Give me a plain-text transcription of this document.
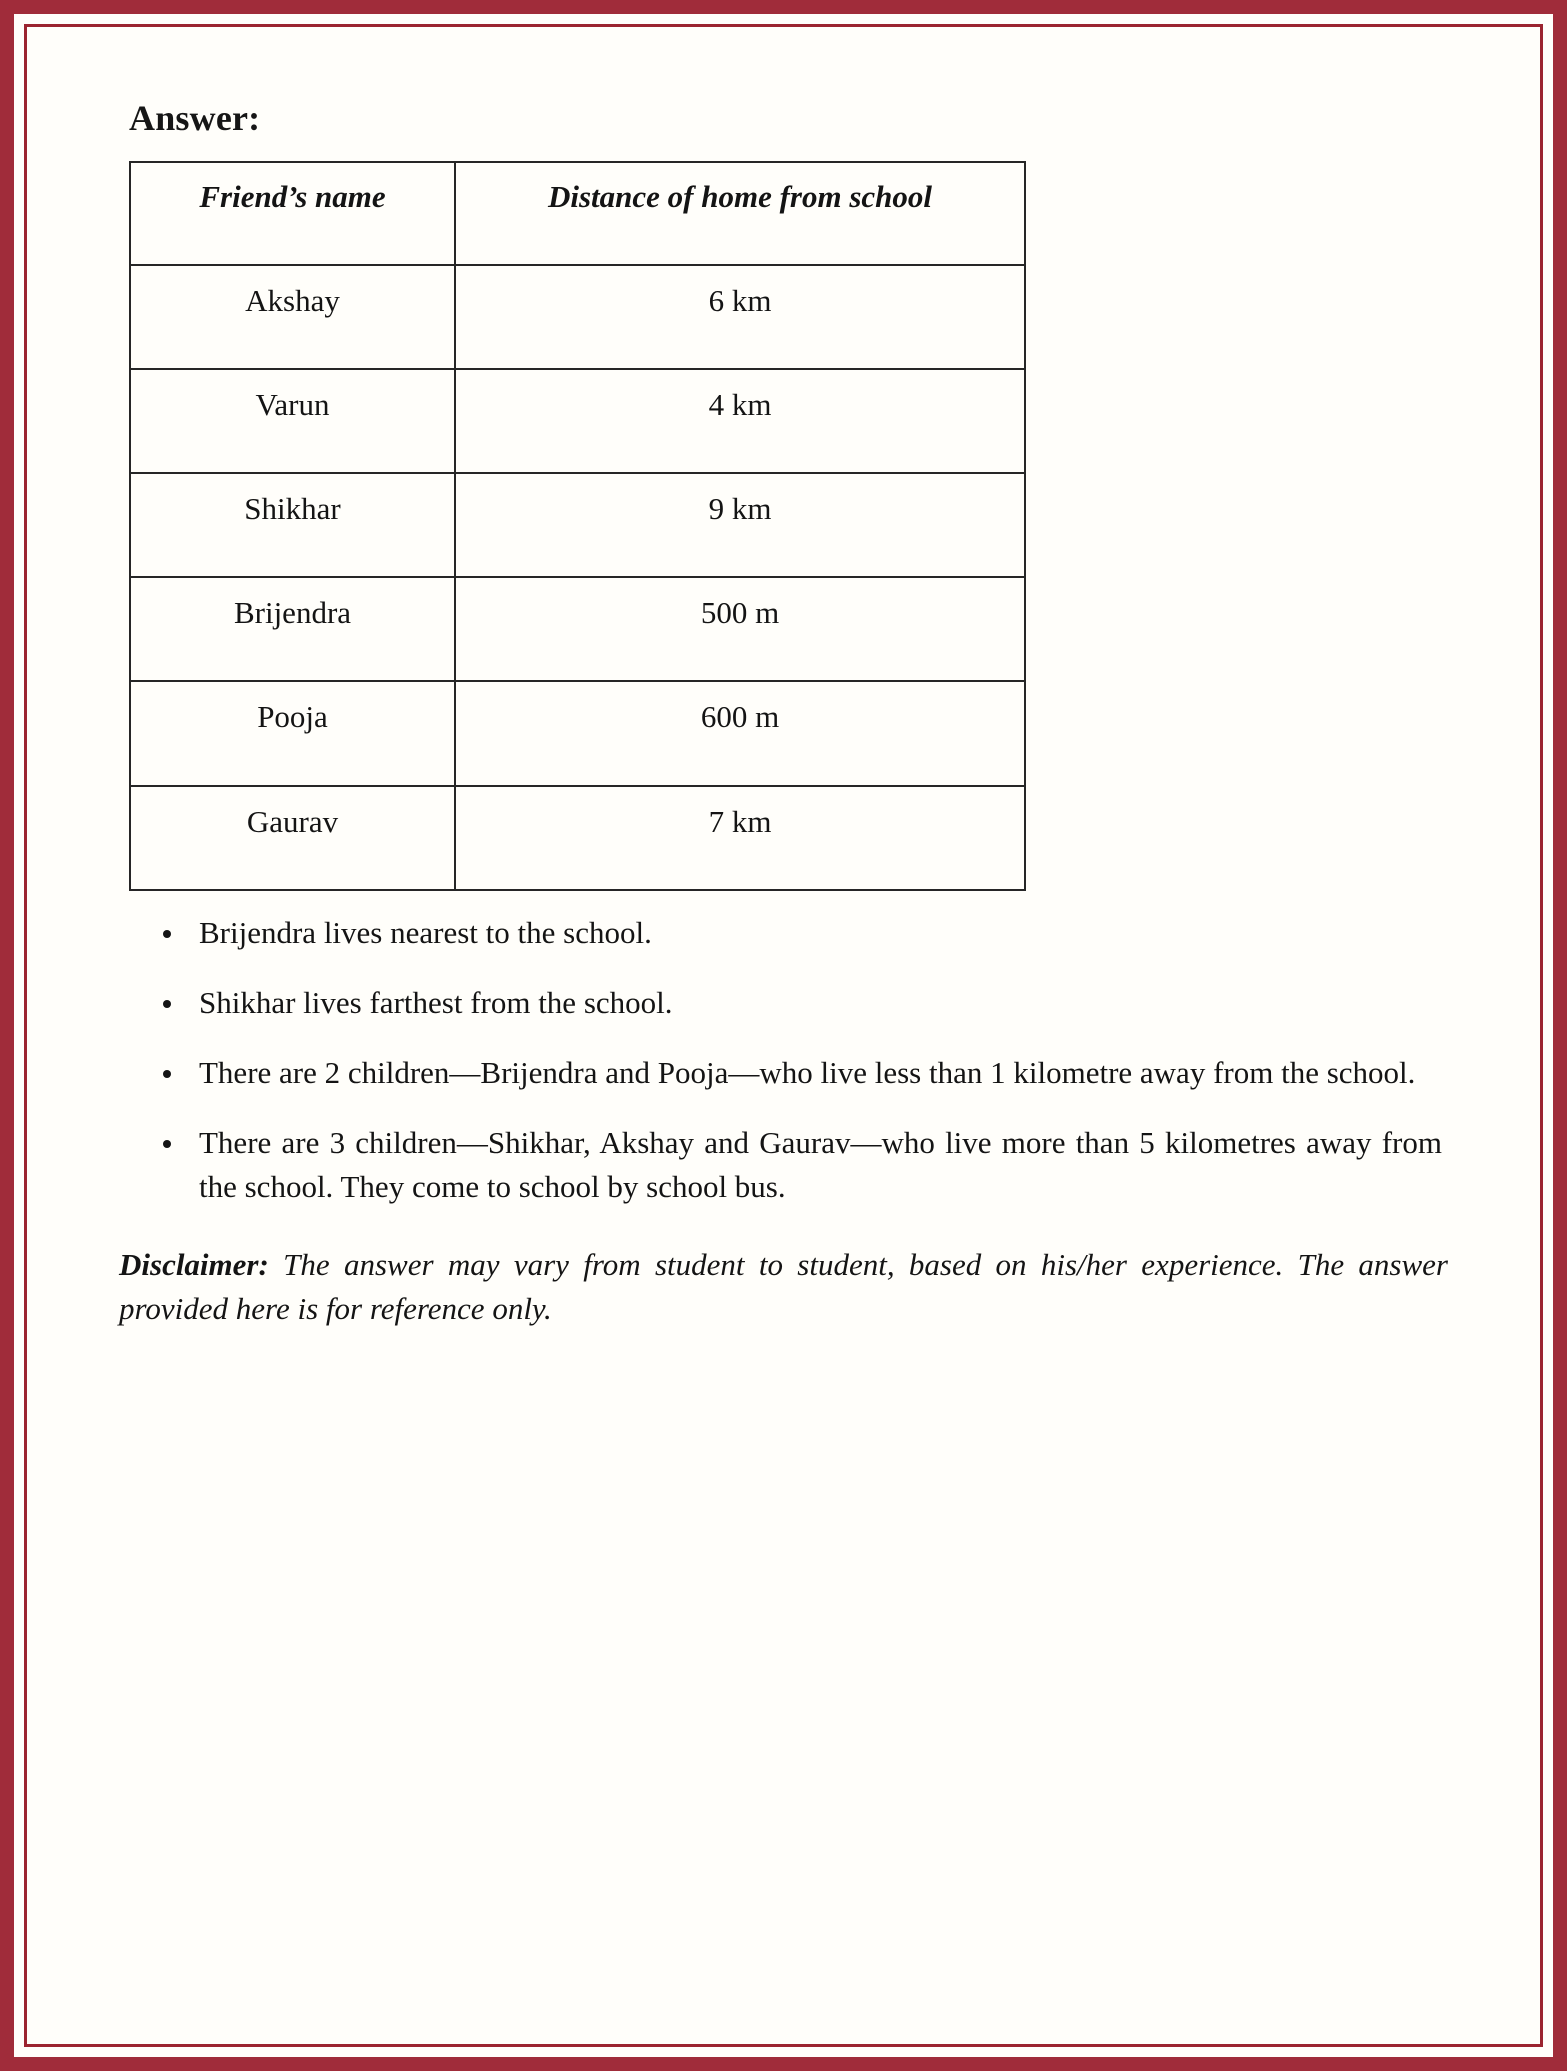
Answer:
Friend’s name	Distance of home from school

Akshay	6 km

Varun	4 km

Shikhar	9 km

Brijendra	500 m

Pooja	600 m

Gaurav	7 km
Brijendra lives nearest to the school.
Shikhar lives farthest from the school.
There are 2 children—Brijendra and Pooja—who live less than 1 kilometre away from the school.
There are 3 children—Shikhar, Akshay and Gaurav—who live more than 5 kilometres away from the school. They come to school by school bus.

Disclaimer: The answer may vary from student to student, based on his/her experience. The answer provided here is for reference only.
